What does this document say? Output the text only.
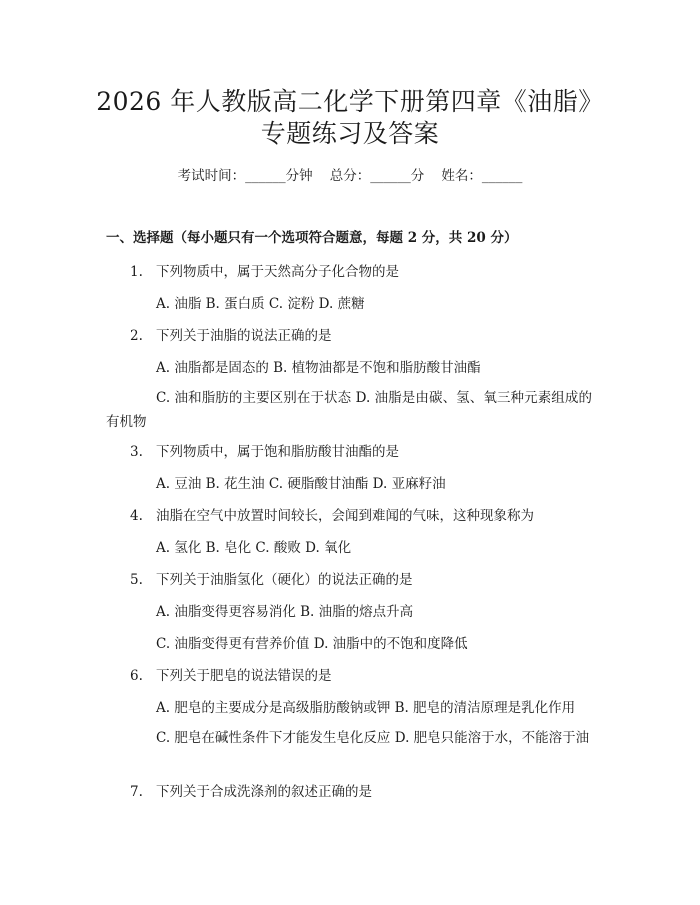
2026 年人教版高二化学下册第四章《油脂》
专题练习及答案
考试时间：______分钟    总分：______分    姓名：______
一、选择题（每小题只有一个选项符合题意，每题 2 分，共 20 分）
1. 下列物质中，属于天然高分子化合物的是
A. 油脂 B. 蛋白质 C. 淀粉 D. 蔗糖
2. 下列关于油脂的说法正确的是
A. 油脂都是固态的 B. 植物油都是不饱和脂肪酸甘油酯
C. 油和脂肪的主要区别在于状态 D. 油脂是由碳、氢、氧三种元素组成的有机物
3. 下列物质中，属于饱和脂肪酸甘油酯的是
A. 豆油 B. 花生油 C. 硬脂酸甘油酯 D. 亚麻籽油
4. 油脂在空气中放置时间较长，会闻到难闻的气味，这种现象称为
A. 氢化 B. 皂化 C. 酸败 D. 氧化
5. 下列关于油脂氢化（硬化）的说法正确的是
A. 油脂变得更容易消化 B. 油脂的熔点升高
C. 油脂变得更有营养价值 D. 油脂中的不饱和度降低
6. 下列关于肥皂的说法错误的是
A. 肥皂的主要成分是高级脂肪酸钠或钾 B. 肥皂的清洁原理是乳化作用
C. 肥皂在碱性条件下才能发生皂化反应 D. 肥皂只能溶于水，不能溶于油
7. 下列关于合成洗涤剂的叙述正确的是
